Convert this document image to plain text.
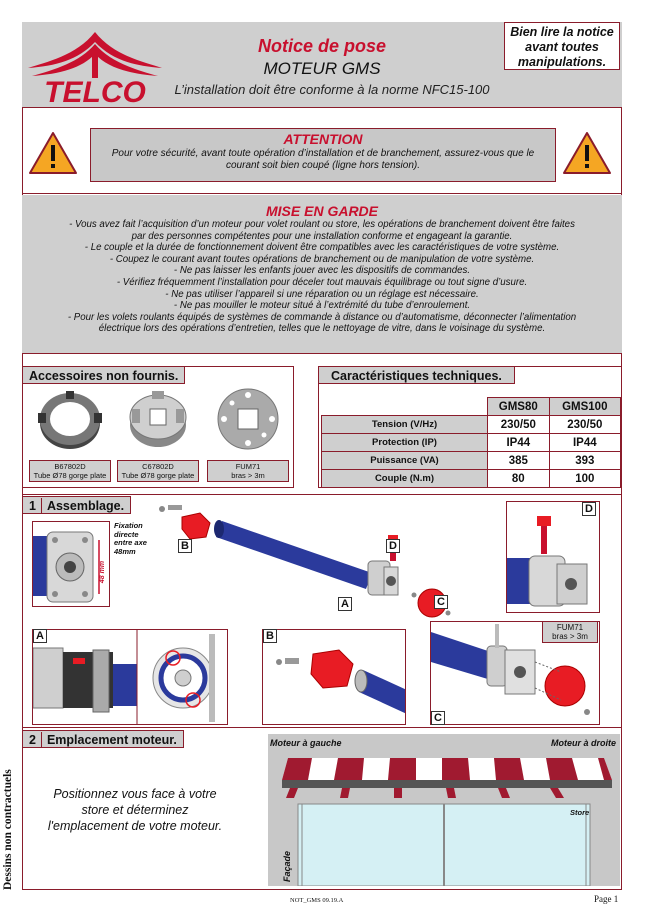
TELCO
Notice de pose
MOTEUR GMS
L’installation doit être conforme à la norme NFC15-100
Bien lire la notice
avant toutes
manipulations.
ATTENTION
Pour votre sécurité, avant toute opération d’installation et de branchement, assurez-vous que le courant soit bien coupé (ligne hors tension).
MISE EN GARDE
- Vous avez fait l’acquisition d’un moteur pour volet roulant ou store, les opérations de branchement doivent être faites
par des personnes compétentes pour une installation conforme et engageant la garantie.
- Le couple et la durée de fonctionnement doivent être compatibles avec les caractéristiques de votre système.
- Coupez le courant avant toutes opérations de branchement ou de manipulation de votre système.
- Ne pas laisser les enfants jouer avec les dispositifs de commandes.
- Vérifiez fréquemment l’installation pour déceler tout mauvais équilibrage ou tout signe d’usure.
- Ne pas utiliser l’appareil si une réparation ou un réglage est nécessaire.
- Ne pas mouiller le moteur situé à l’extrémité du tube d’enroulement.
- Pour les volets roulants équipés de systèmes de commande à distance ou d’automatisme, déconnecter l’alimentation
électrique lors des opérations d’entretien, telles que le nettoyage de vitre, dans le voisinage du système.
B67802D
Tube Ø78 gorge plate
C67802D
Tube Ø78 gorge plate
FUM71
bras > 3m
Accessoires non fournis.
	GMS80	GMS100
Tension (V/Hz)	230/50	230/50
Protection (IP)	IP44	IP44
Puissance (VA)	385	393
Couple (N.m)	80	100
Caractéristiques techniques.
48 mm
Fixation
directe
entre axe
48mm	B	D
A	C
D
A	B
C
FUM71
bras > 3m
1 Assemblage.
Positionnez vous face à votre store et déterminez l'emplacement de votre moteur.
Moteur à gauche	Moteur à droite
Store
Façade
2 Emplacement moteur.
Dessins non contractuels
NOT_GMS 09.19.A	Page 1
